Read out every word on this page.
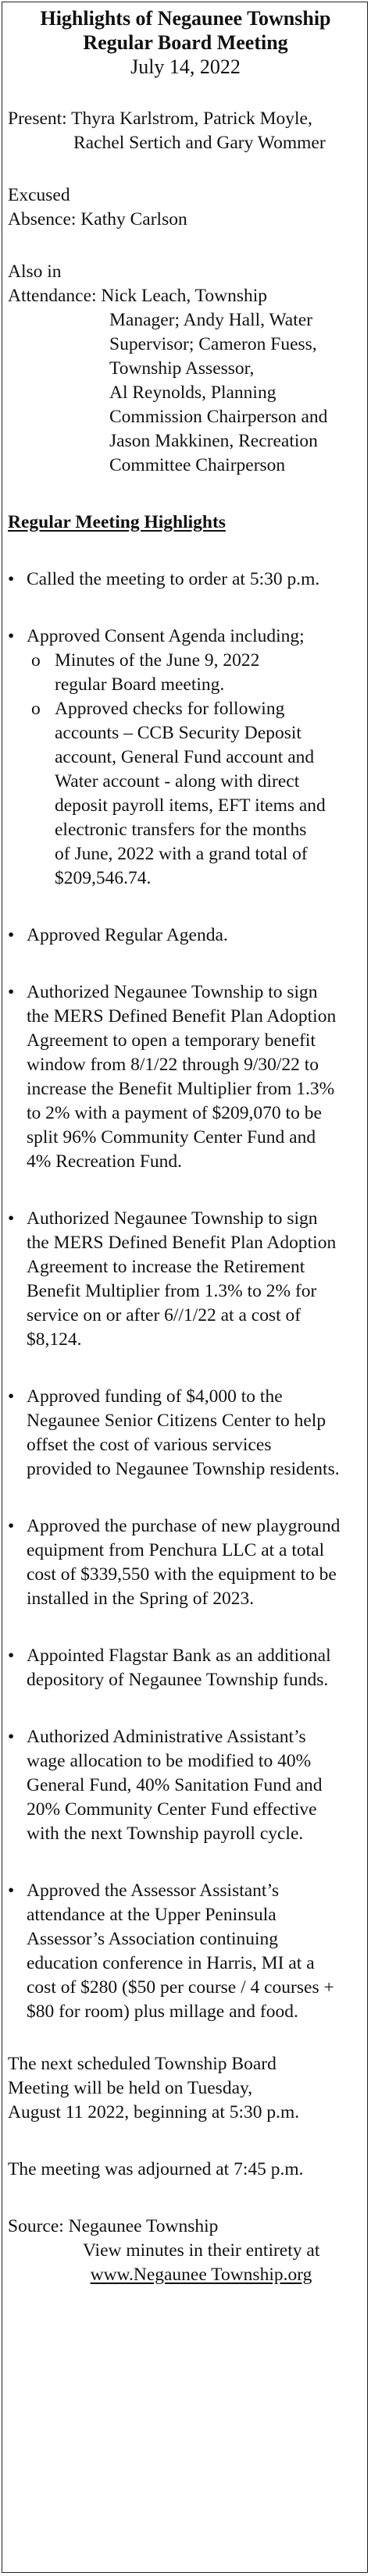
Highlights of Negaunee Township
Regular Board Meeting
July 14, 2022
Present: Thyra Karlstrom, Patrick Moyle,
Rachel Sertich and Gary Wommer
Excused
Absence: Kathy Carlson
Also in
Attendance: Nick Leach, Township
Manager; Andy Hall, Water
Supervisor; Cameron Fuess,
Township Assessor,
Al Reynolds, Planning
Commission Chairperson and
Jason Makkinen, Recreation
Committee Chairperson
Regular Meeting Highlights
• Called the meeting to order at 5:30 p.m.
• Approved Consent Agenda including;
o Minutes of the June 9, 2022
regular Board meeting.
o Approved checks for following
accounts – CCB Security Deposit
account, General Fund account and
Water account - along with direct
deposit payroll items, EFT items and
electronic transfers for the months
of June, 2022 with a grand total of
$209,546.74.
• Approved Regular Agenda.
• Authorized Negaunee Township to sign
the MERS Defined Benefit Plan Adoption
Agreement to open a temporary benefit
window from 8/1/22 through 9/30/22 to
increase the Benefit Multiplier from 1.3%
to 2% with a payment of $209,070 to be
split 96% Community Center Fund and
4% Recreation Fund.
• Authorized Negaunee Township to sign
the MERS Defined Benefit Plan Adoption
Agreement to increase the Retirement
Benefit Multiplier from 1.3% to 2% for
service on or after 6//1/22 at a cost of
$8,124.
• Approved funding of $4,000 to the
Negaunee Senior Citizens Center to help
offset the cost of various services
provided to Negaunee Township residents.
• Approved the purchase of new playground
equipment from Penchura LLC at a total
cost of $339,550 with the equipment to be
installed in the Spring of 2023.
• Appointed Flagstar Bank as an additional
depository of Negaunee Township funds.
• Authorized Administrative Assistant’s
wage allocation to be modified to 40%
General Fund, 40% Sanitation Fund and
20% Community Center Fund effective
with the next Township payroll cycle.
• Approved the Assessor Assistant’s
attendance at the Upper Peninsula
Assessor’s Association continuing
education conference in Harris, MI at a
cost of $280 ($50 per course / 4 courses +
$80 for room) plus millage and food.
The next scheduled Township Board
Meeting will be held on Tuesday,
August 11 2022, beginning at 5:30 p.m.
The meeting was adjourned at 7:45 p.m.
Source: Negaunee Township
View minutes in their entirety at
www.Negaunee Township.org
